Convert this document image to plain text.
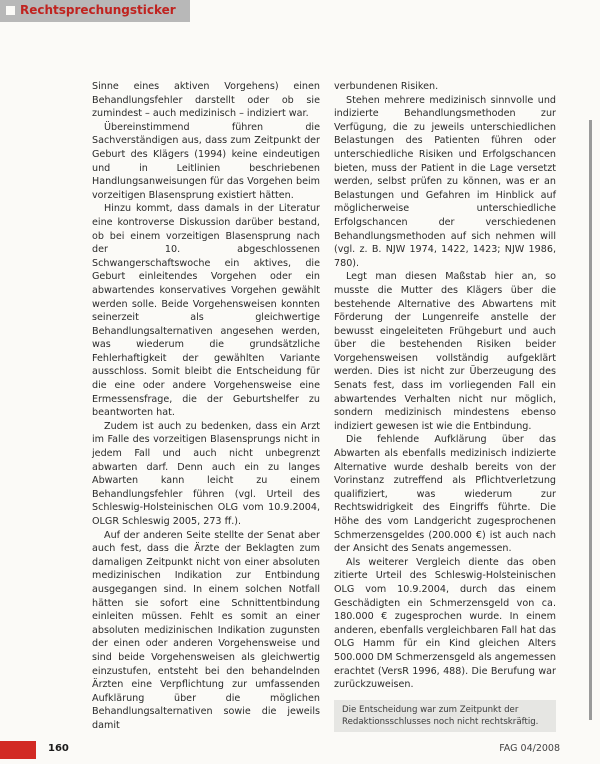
Rechtsprechungsticker

Sinne eines aktiven Vorgehens) einen Behandlungsfehler darstellt oder ob sie zumindest – auch medizinisch – indiziert war.

Übereinstimmend führen die Sachverständigen aus, dass zum Zeitpunkt der Geburt des Klägers (1994) keine eindeutigen und in Leitlinien beschriebenen Handlungsanweisungen für das Vorgehen beim vorzeitigen Blasensprung existiert hätten.

Hinzu kommt, dass damals in der Literatur eine kontroverse Diskussion darüber bestand, ob bei einem vorzeitigen Blasensprung nach der 10. abgeschlossenen Schwangerschaftswoche ein aktives, die Geburt einleitendes Vorgehen oder ein abwartendes konservatives Vorgehen gewählt werden solle. Beide Vorgehensweisen konnten seinerzeit als gleichwertige Behandlungsalternativen angesehen werden, was wiederum die grundsätzliche Fehlerhaftigkeit der gewählten Variante ausschloss. Somit bleibt die Entscheidung für die eine oder andere Vorgehensweise eine Ermessensfrage, die der Geburtshelfer zu beantworten hat.

Zudem ist auch zu bedenken, dass ein Arzt im Falle des vorzeitigen Blasensprungs nicht in jedem Fall und auch nicht unbegrenzt abwarten darf. Denn auch ein zu langes Abwarten kann leicht zu einem Behandlungsfehler führen (vgl. Urteil des Schleswig-Holsteinischen OLG vom 10.9.2004, OLGR Schleswig 2005, 273 ff.).

Auf der anderen Seite stellte der Senat aber auch fest, dass die Ärzte der Beklagten zum damaligen Zeitpunkt nicht von einer absoluten medizinischen Indikation zur Entbindung ausgegangen sind. In einem solchen Notfall hätten sie sofort eine Schnittentbindung einleiten müssen. Fehlt es somit an einer absoluten medizinischen Indikation zugunsten der einen oder anderen Vorgehensweise und sind beide Vorgehensweisen als gleichwertig einzustufen, entsteht bei den behandelnden Ärzten eine Verpflichtung zur umfassenden Aufklärung über die möglichen Behandlungsalternativen sowie die jeweils damit

verbundenen Risiken.

Stehen mehrere medizinisch sinnvolle und indizierte Behandlungsmethoden zur Verfügung, die zu jeweils unterschiedlichen Belastungen des Patienten führen oder unterschiedliche Risiken und Erfolgschancen bieten, muss der Patient in die Lage versetzt werden, selbst prüfen zu können, was er an Belastungen und Gefahren im Hinblick auf möglicherweise unterschiedliche Erfolgschancen der verschiedenen Behandlungsmethoden auf sich nehmen will (vgl. z. B. NJW 1974, 1422, 1423; NJW 1986, 780).

Legt man diesen Maßstab hier an, so musste die Mutter des Klägers über die bestehende Alternative des Abwartens mit Förderung der Lungenreife anstelle der bewusst eingeleiteten Frühgeburt und auch über die bestehenden Risiken beider Vorgehensweisen vollständig aufgeklärt werden. Dies ist nicht zur Überzeugung des Senats fest, dass im vorliegenden Fall ein abwartendes Verhalten nicht nur möglich, sondern medizinisch mindestens ebenso indiziert gewesen ist wie die Entbindung.

Die fehlende Aufklärung über das Abwarten als ebenfalls medizinisch indizierte Alternative wurde deshalb bereits von der Vorinstanz zutreffend als Pflichtverletzung qualifiziert, was wiederum zur Rechtswidrigkeit des Eingriffs führte. Die Höhe des vom Landgericht zugesprochenen Schmerzensgeldes (200.000 €) ist auch nach der Ansicht des Senats angemessen.

Als weiterer Vergleich diente das oben zitierte Urteil des Schleswig-Holsteinischen OLG vom 10.9.2004, durch das einem Geschädigten ein Schmerzensgeld von ca. 180.000 € zugesprochen wurde. In einem anderen, ebenfalls vergleichbaren Fall hat das OLG Hamm für ein Kind gleichen Alters 500.000 DM Schmerzensgeld als angemessen erachtet (VersR 1996, 488). Die Berufung war zurückzuweisen.

Die Entscheidung war zum Zeitpunkt der Redaktionsschlusses noch nicht rechtskräftig.
160	FAG 04/2008
